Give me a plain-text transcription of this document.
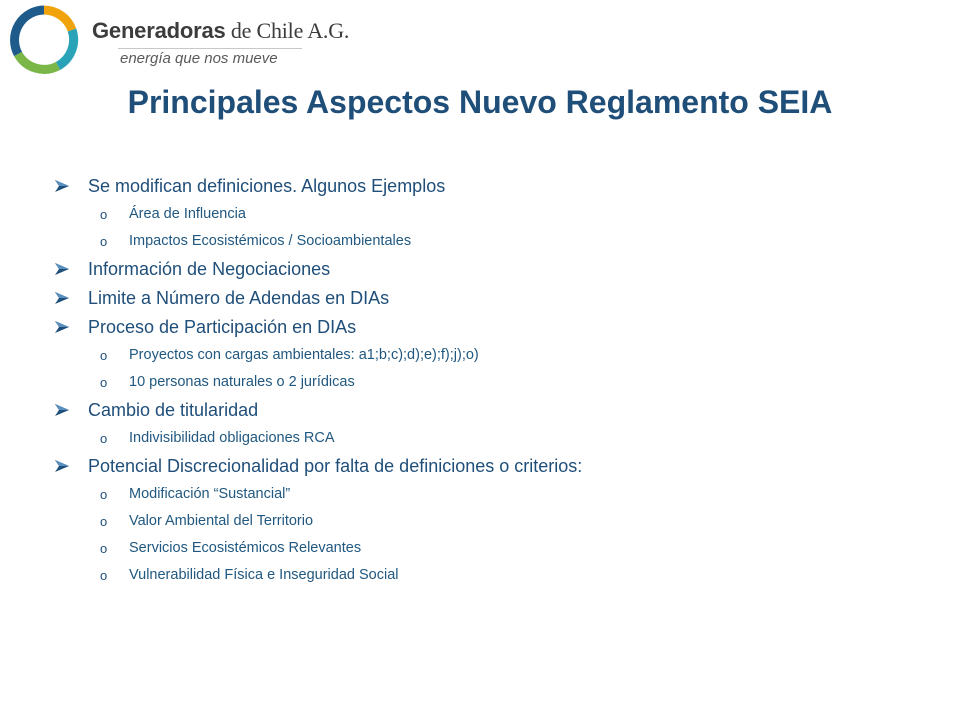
Generadoras de Chile A.G.
energía que nos mueve
Principales Aspectos Nuevo Reglamento SEIA
Se modifican definiciones. Algunos Ejemplos
o Área de Influencia
o Impactos Ecosistémicos / Socioambientales
Información de Negociaciones
Limite a Número de Adendas en DIAs
Proceso de Participación en DIAs
o Proyectos con cargas ambientales: a1;b;c);d);e);f);j);o)
o 10 personas naturales o 2 jurídicas
Cambio de titularidad
o Indivisibilidad obligaciones RCA
Potencial Discrecionalidad por falta de definiciones o criterios:
o Modificación “Sustancial”
o Valor Ambiental del Territorio
o Servicios Ecosistémicos Relevantes
o Vulnerabilidad Física e Inseguridad Social
